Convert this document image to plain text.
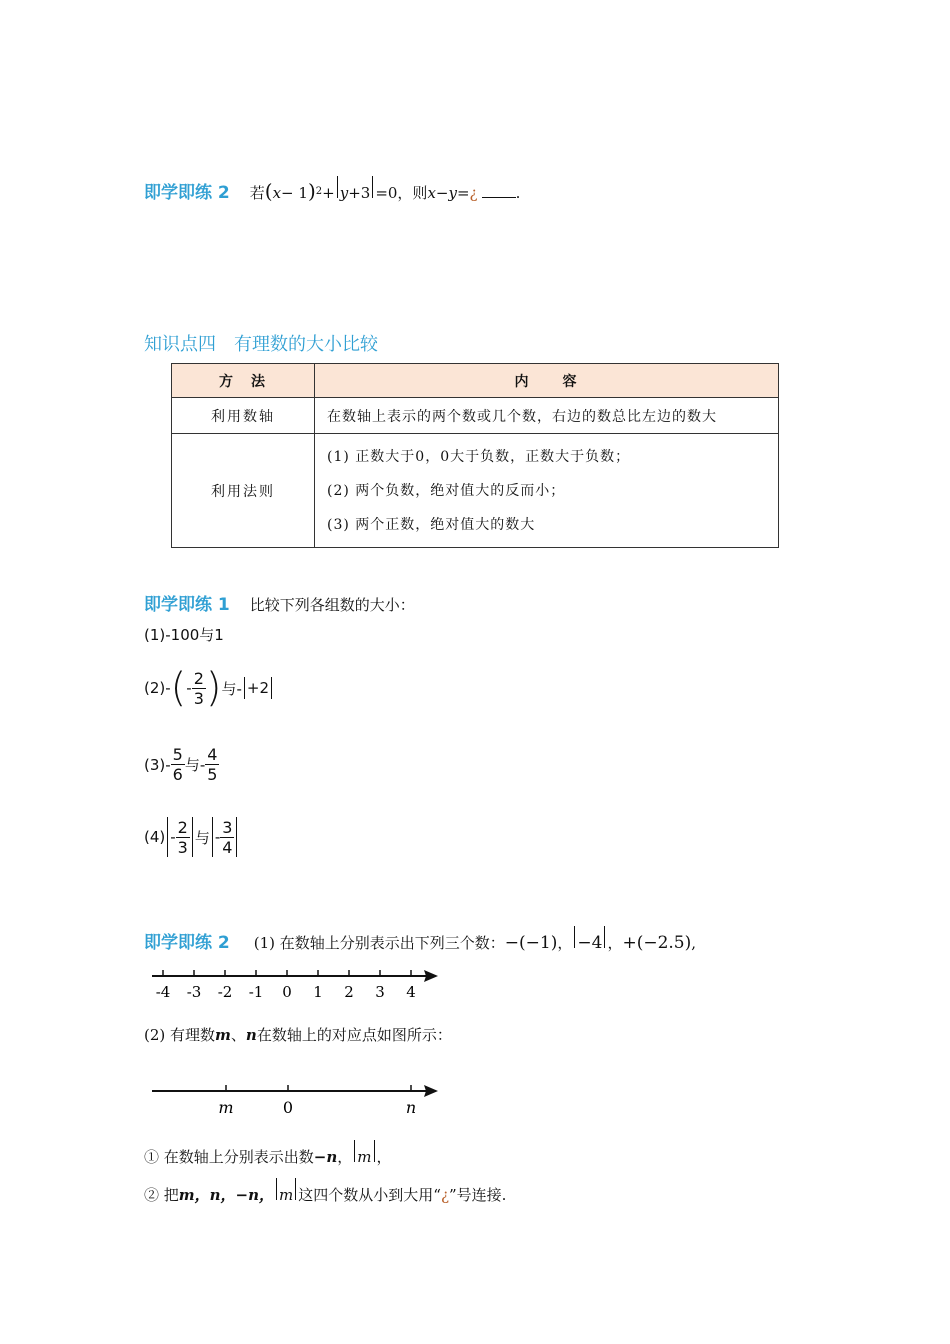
即学即练 2 若 ( x − 1 )$^2$ + y +3 =0，则 x − y = ¿	.
知识点四　有理数的大小比较
方　法	内　　容
利用数轴	在数轴上表示的两个数或几个数，右边的数总比左边的数大
利用法则	(1) 正数大于0，0大于负数，正数大于负数；
(2) 两个负数，绝对值大的反而小；
(3) 两个正数，绝对值大的数大
即学即练 1 比较下列各组数的大小：
(1)-100与1
(2)- ( - $\frac{2}{3}$ ) 与- +2
$(3)- \frac{5}{6}$ 与- $\frac{4}{5}$
$(4) - \frac{2}{3}$ 与 - $\frac{3}{4}$
即学即练 2 (1) 在数轴上分别表示出下列三个数： −(−1) ， −4 ， + (−2.5) ,
-4 -3 -2 -1 0 1 2 3 4
(2) 有理数 m 、 n 在数轴上的对应点如图所示：
m	0	n
① 在数轴上分别表示出数 −n ， m ，
② 把 m，n，−n， m 这四个数从小到大用“ ¿ ”号连接.
